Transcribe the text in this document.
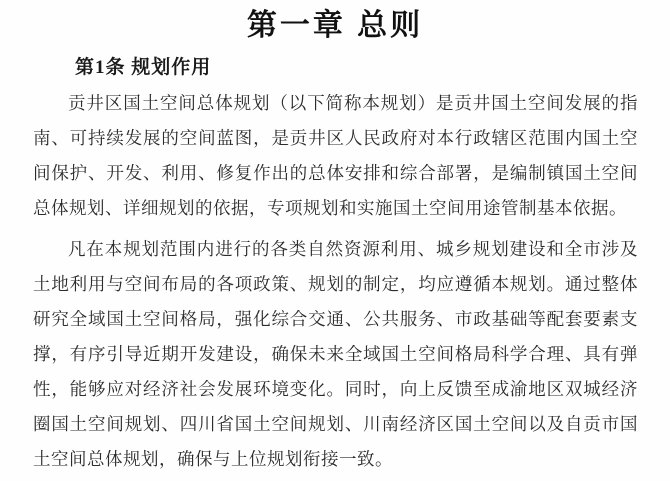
第一章 总则
第1条 规划作用

贡井区国土空间总体规划（以下简称本规划）是贡井国土空间发展的指南、可持续发展的空间蓝图，是贡井区人民政府对本行政辖区范围内国土空间保护、开发、利用、修复作出的总体安排和综合部署，是编制镇国土空间总体规划、详细规划的依据，专项规划和实施国土空间用途管制基本依据。

凡在本规划范围内进行的各类自然资源利用、城乡规划建设和全市涉及土地利用与空间布局的各项政策、规划的制定，均应遵循本规划。通过整体研究全域国土空间格局，强化综合交通、公共服务、市政基础等配套要素支撑，有序引导近期开发建设，确保未来全域国土空间格局科学合理、具有弹性，能够应对经济社会发展环境变化。同时，向上反馈至成渝地区双城经济圈国土空间规划、四川省国土空间规划、川南经济区国土空间以及自贡市国土空间总体规划，确保与上位规划衔接一致。
